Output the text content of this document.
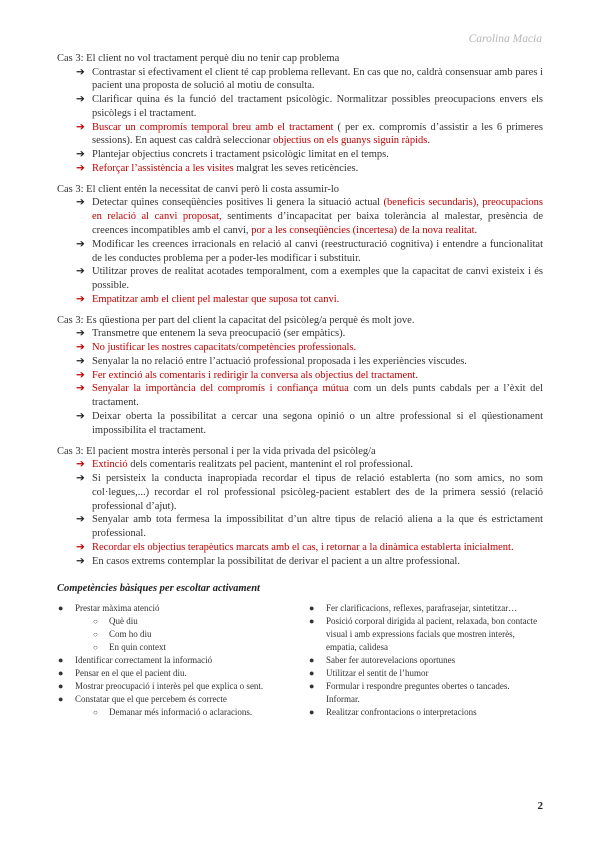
Carolina Macia
Cas 3: El client no vol tractament perquè diu no tenir cap problema
➔ Contrastar si efectivament el client té cap problema rellevant. En cas que no, caldrà consensuar amb pares i pacient una proposta de solució al motiu de consulta.
➔ Clarificar quina és la funció del tractament psicològic. Normalitzar possibles preocupacions envers els psicòlegs i el tractament.
➔ Buscar un compromís temporal breu amb el tractament ( per ex. compromís d’assistir a les 6 primeres sessions). En aquest cas caldrà seleccionar objectius on els guanys siguin ràpids.
➔ Plantejar objectius concrets i tractament psicològic limitat en el temps.
➔ Reforçar l’assistència a les visites malgrat les seves reticències.
Cas 3: El client entén la necessitat de canvi però li costa assumir-lo
➔ Detectar quines conseqüències positives li genera la situació actual (beneficis secundaris), preocupacions en relació al canvi proposat, sentiments d’incapacitat per baixa tolerància al malestar, presència de creences incompatibles amb el canvi, por a les conseqüències (incertesa) de la nova realitat.
➔ Modificar les creences irracionals en relació al canvi (reestructuració cognitiva) i entendre a funcionalitat de les conductes problema per a poder-les modificar i substituir.
➔ Utilitzar proves de realitat acotades temporalment, com a exemples que la capacitat de canvi existeix i és possible.
➔ Empatitzar amb el client pel malestar que suposa tot canvi.
Cas 3: Es qüestiona per part del client la capacitat del psicòleg/a perquè és molt jove.
➔ Transmetre que entenem la seva preocupació (ser empàtics).
➔ No justificar les nostres capacitats/competències professionals.
➔ Senyalar la no relació entre l’actuació professional proposada i les experiències viscudes.
➔ Fer extinció als comentaris i redirigir la conversa als objectius del tractament.
➔ Senyalar la importància del compromís i confiança mútua com un dels punts cabdals per a l’èxit del tractament.
➔ Deixar oberta la possibilitat a cercar una segona opinió o un altre professional si el qüestionament impossibilita el tractament.
Cas 3: El pacient mostra interès personal i per la vida privada del psicòleg/a
➔ Extinció dels comentaris realitzats pel pacient, mantenint el rol professional.
➔ Si persisteix la conducta inapropiada recordar el tipus de relació establerta (no som amics, no som col·legues,...) recordar el rol professional psicòleg-pacient establert des de la primera sessió (relació professional d’ajut).
➔ Senyalar amb tota fermesa la impossibilitat d’un altre tipus de relació aliena a la que és estrictament professional.
➔ Recordar els objectius terapèutics marcats amb el cas, i retornar a la dinàmica establerta inicialment.
➔ En casos extrems contemplar la possibilitat de derivar el pacient a un altre professional.
Competències bàsiques per escoltar activament
● Prestar màxima atenció
○ Què diu
○ Com ho diu
○ En quin context
● Identificar correctament la informació
● Pensar en el que el pacient diu.
● Mostrar preocupació i interès pel que explica o sent.
● Constatar que el que percebem és correcte
○ Demanar més informació o aclaracions.
● Fer clarificacions, reflexes, parafrasejar, sintetitzar…
● Posició corporal dirigida al pacient, relaxada, bon contacte visual i amb expressions facials que mostren interès, empatia, calidesa
● Saber fer autorevelacions oportunes
● Utilitzar el sentit de l’humor
● Formular i respondre preguntes obertes o tancades. Informar.
● Realitzar confrontacions o interpretacions
2
